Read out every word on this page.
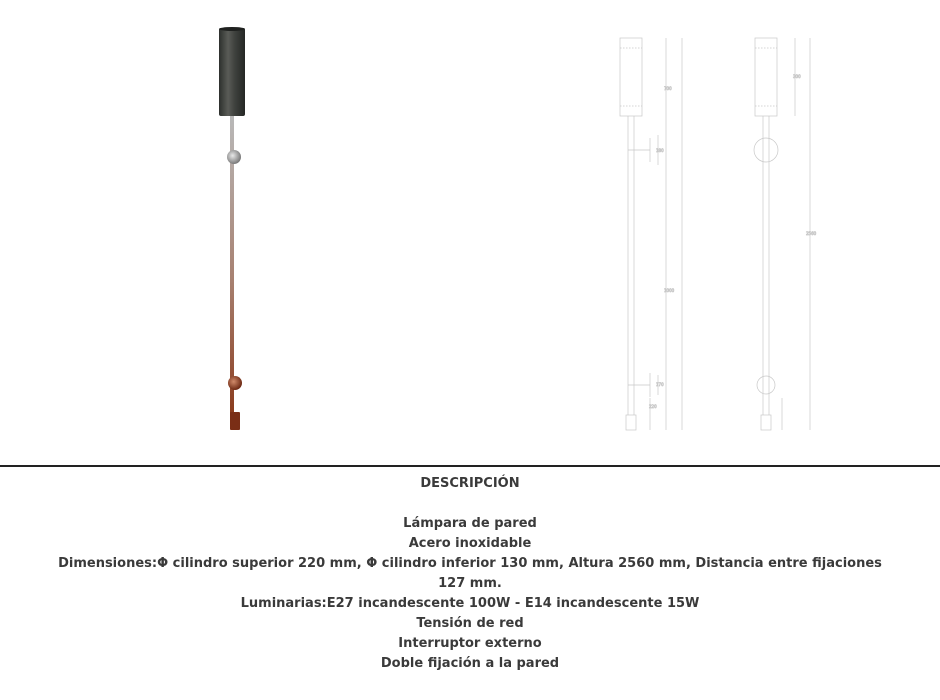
700
180
1000
170
220
300
2560
DESCRIPCIÓN
Lámpara de pared
Acero inoxidable
Dimensiones:Φ cilindro superior 220 mm, Φ cilindro inferior 130 mm, Altura 2560 mm, Distancia entre fijaciones
127 mm.
Luminarias:E27 incandescente 100W - E14 incandescente 15W
Tensión de red
Interruptor externo
Doble fijación a la pared
